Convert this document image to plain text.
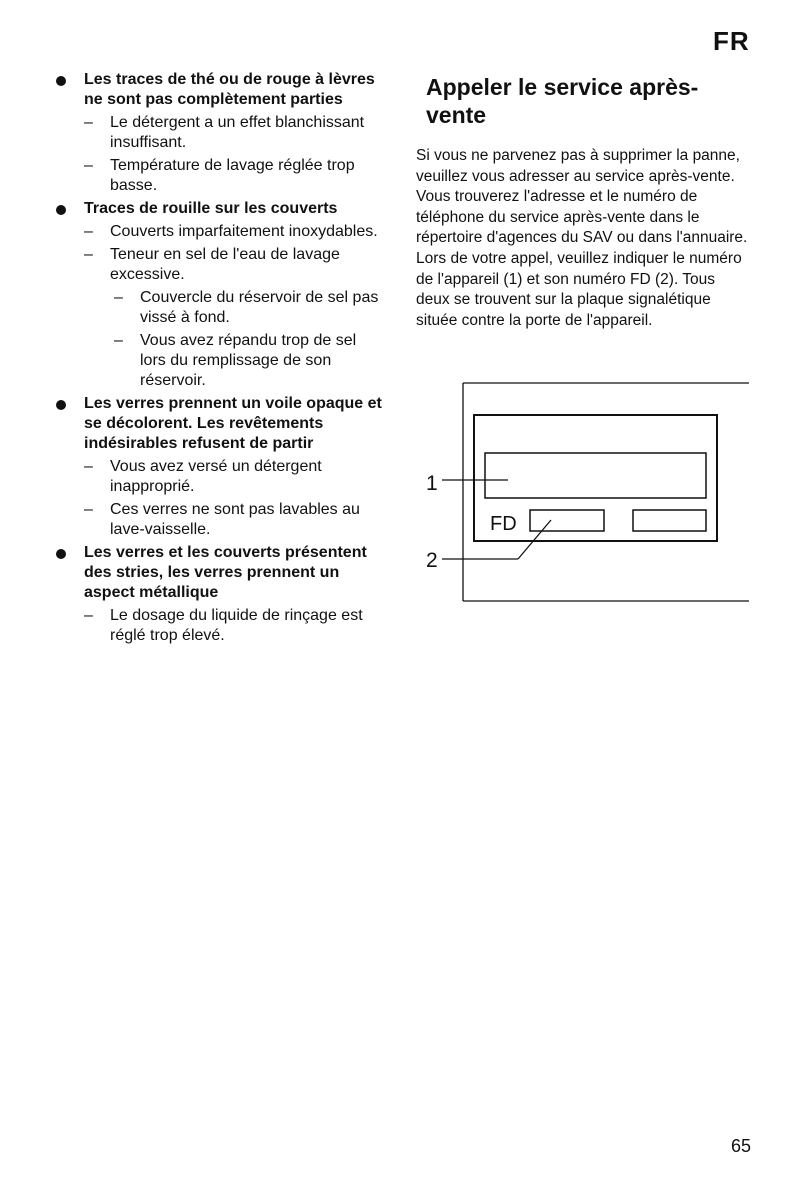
FR
Les traces de thé ou de rouge à lèvres ne sont pas complètement parties
– Le détergent a un effet blanchissant insuffisant.
– Température de lavage réglée trop basse.
Traces de rouille sur les couverts
– Couverts imparfaitement inoxydables.
– Teneur en sel de l'eau de lavage excessive.
– Couvercle du réservoir de sel pas vissé à fond.
– Vous avez répandu trop de sel lors du remplissage de son réservoir.
Les verres prennent un voile opaque et se décolorent. Les revêtements indésirables refusent de partir
– Vous avez versé un détergent inapproprié.
– Ces verres ne sont pas lavables au lave-vaisselle.
Les verres et les couverts présentent des stries, les verres prennent un aspect métallique
– Le dosage du liquide de rinçage est réglé trop élevé.
Appeler le service après-vente
Si vous ne parvenez pas à supprimer la panne, veuillez vous adresser au service après-vente. Vous trouverez l'adresse et le numéro de téléphone du service après-vente dans le répertoire d'agences du SAV ou dans l'annuaire. Lors de votre appel, veuillez indiquer le numéro de l'appareil (1) et son numéro FD (2). Tous deux se trouvent sur la plaque signalétique située contre la porte de l'appareil.
FD
1
2
65
